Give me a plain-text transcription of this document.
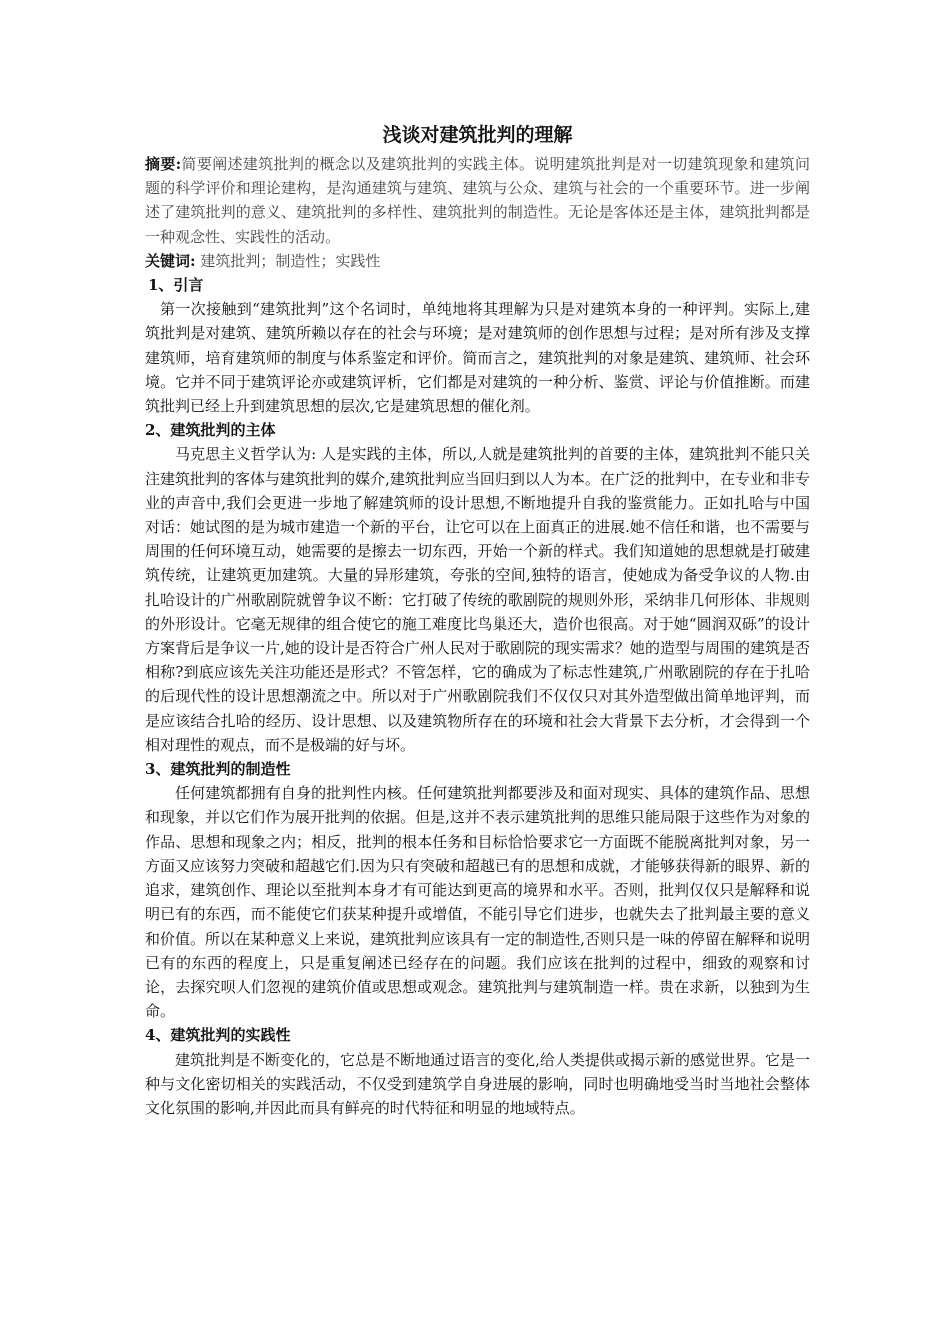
浅谈对建筑批判的理解

摘要:简要阐述建筑批判的概念以及建筑批判的实践主体。说明建筑批判是对一切建筑现象和建筑问题的科学评价和理论建构，是沟通建筑与建筑、建筑与公众、建筑与社会的一个重要环节。进一步阐述了建筑批判的意义、建筑批判的多样性、建筑批判的制造性。无论是客体还是主体，建筑批判都是一种观念性、实践性的活动。

关键词: 建筑批判；制造性；实践性

1、引言

第一次接触到“建筑批判”这个名词时，单纯地将其理解为只是对建筑本身的一种评判。实际上,建筑批判是对建筑、建筑所赖以存在的社会与环境；是对建筑师的创作思想与过程；是对所有涉及支撑建筑师，培育建筑师的制度与体系鉴定和评价。简而言之，建筑批判的对象是建筑、建筑师、社会环境。它并不同于建筑评论亦或建筑评析，它们都是对建筑的一种分析、鉴赏、评论与价值推断。而建筑批判已经上升到建筑思想的层次,它是建筑思想的催化剂。

2、建筑批判的主体

马克思主义哲学认为: 人是实践的主体，所以,人就是建筑批判的首要的主体，建筑批判不能只关注建筑批判的客体与建筑批判的媒介,建筑批判应当回归到以人为本。在广泛的批判中，在专业和非专业的声音中,我们会更进一步地了解建筑师的设计思想,不断地提升自我的鉴赏能力。正如扎哈与中国对话：她试图的是为城市建造一个新的平台，让它可以在上面真正的进展.她不信任和谐，也不需要与周围的任何环境互动，她需要的是擦去一切东西，开始一个新的样式。我们知道她的思想就是打破建筑传统，让建筑更加建筑。大量的异形建筑，夸张的空间,独特的语言，使她成为备受争议的人物.由扎哈设计的广州歌剧院就曾争议不断：它打破了传统的歌剧院的规则外形，采纳非几何形体、非规则的外形设计。它毫无规律的组合使它的施工难度比鸟巢还大，造价也很高。对于她“圆润双砾”的设计方案背后是争议一片,她的设计是否符合广州人民对于歌剧院的现实需求？她的造型与周围的建筑是否相称?到底应该先关注功能还是形式？不管怎样，它的确成为了标志性建筑,广州歌剧院的存在于扎哈的后现代性的设计思想潮流之中。所以对于广州歌剧院我们不仅仅只对其外造型做出简单地评判，而是应该结合扎哈的经历、设计思想、以及建筑物所存在的环境和社会大背景下去分析，才会得到一个相对理性的观点，而不是极端的好与坏。

3、建筑批判的制造性

任何建筑都拥有自身的批判性内核。任何建筑批判都要涉及和面对现实、具体的建筑作品、思想和现象，并以它们作为展开批判的依据。但是,这并不表示建筑批判的思维只能局限于这些作为对象的作品、思想和现象之内；相反，批判的根本任务和目标恰恰要求它一方面既不能脱离批判对象，另一方面又应该努力突破和超越它们.因为只有突破和超越已有的思想和成就，才能够获得新的眼界、新的追求，建筑创作、理论以至批判本身才有可能达到更高的境界和水平。否则，批判仅仅只是解释和说明已有的东西，而不能使它们获某种提升或增值，不能引导它们进步，也就失去了批判最主要的意义和价值。所以在某种意义上来说，建筑批判应该具有一定的制造性,否则只是一味的停留在解释和说明已有的东西的程度上，只是重复阐述已经存在的问题。我们应该在批判的过程中，细致的观察和讨论，去探究呗人们忽视的建筑价值或思想或观念。建筑批判与建筑制造一样。贵在求新，以独到为生命。

4、建筑批判的实践性

建筑批判是不断变化的，它总是不断地通过语言的变化,给人类提供或揭示新的感觉世界。它是一种与文化密切相关的实践活动，不仅受到建筑学自身进展的影响，同时也明确地受当时当地社会整体文化氛围的影响,并因此而具有鲜亮的时代特征和明显的地域特点。
